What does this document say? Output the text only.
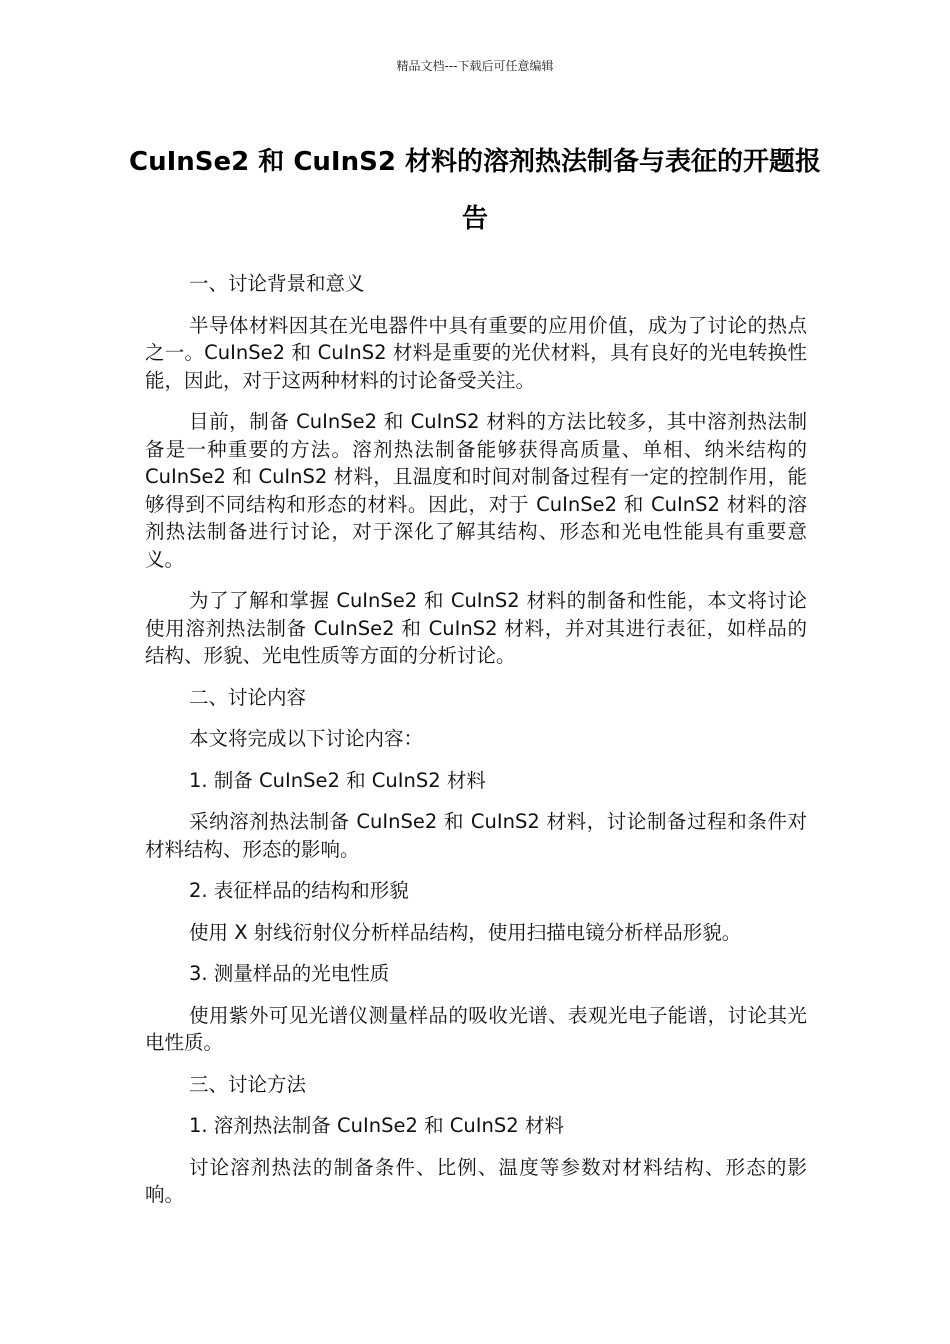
精品文档---下载后可任意编辑
CuInSe2 和 CuInS2 材料的溶剂热法制备与表征的开题报告

一、讨论背景和意义

半导体材料因其在光电器件中具有重要的应用价值，成为了讨论的热点之一。CuInSe2 和 CuInS2 材料是重要的光伏材料，具有良好的光电转换性能，因此，对于这两种材料的讨论备受关注。

目前，制备 CuInSe2 和 CuInS2 材料的方法比较多，其中溶剂热法制备是一种重要的方法。溶剂热法制备能够获得高质量、单相、纳米结构的 CuInSe2 和 CuInS2 材料，且温度和时间对制备过程有一定的控制作用，能够得到不同结构和形态的材料。因此，对于 CuInSe2 和 CuInS2 材料的溶剂热法制备进行讨论，对于深化了解其结构、形态和光电性能具有重要意义。

为了了解和掌握 CuInSe2 和 CuInS2 材料的制备和性能，本文将讨论使用溶剂热法制备 CuInSe2 和 CuInS2 材料，并对其进行表征，如样品的结构、形貌、光电性质等方面的分析讨论。

二、讨论内容

本文将完成以下讨论内容：

1. 制备 CuInSe2 和 CuInS2 材料

采纳溶剂热法制备 CuInSe2 和 CuInS2 材料，讨论制备过程和条件对材料结构、形态的影响。

2. 表征样品的结构和形貌

使用 X 射线衍射仪分析样品结构，使用扫描电镜分析样品形貌。

3. 测量样品的光电性质

使用紫外可见光谱仪测量样品的吸收光谱、表观光电子能谱，讨论其光电性质。

三、讨论方法

1. 溶剂热法制备 CuInSe2 和 CuInS2 材料

讨论溶剂热法的制备条件、比例、温度等参数对材料结构、形态的影响。
